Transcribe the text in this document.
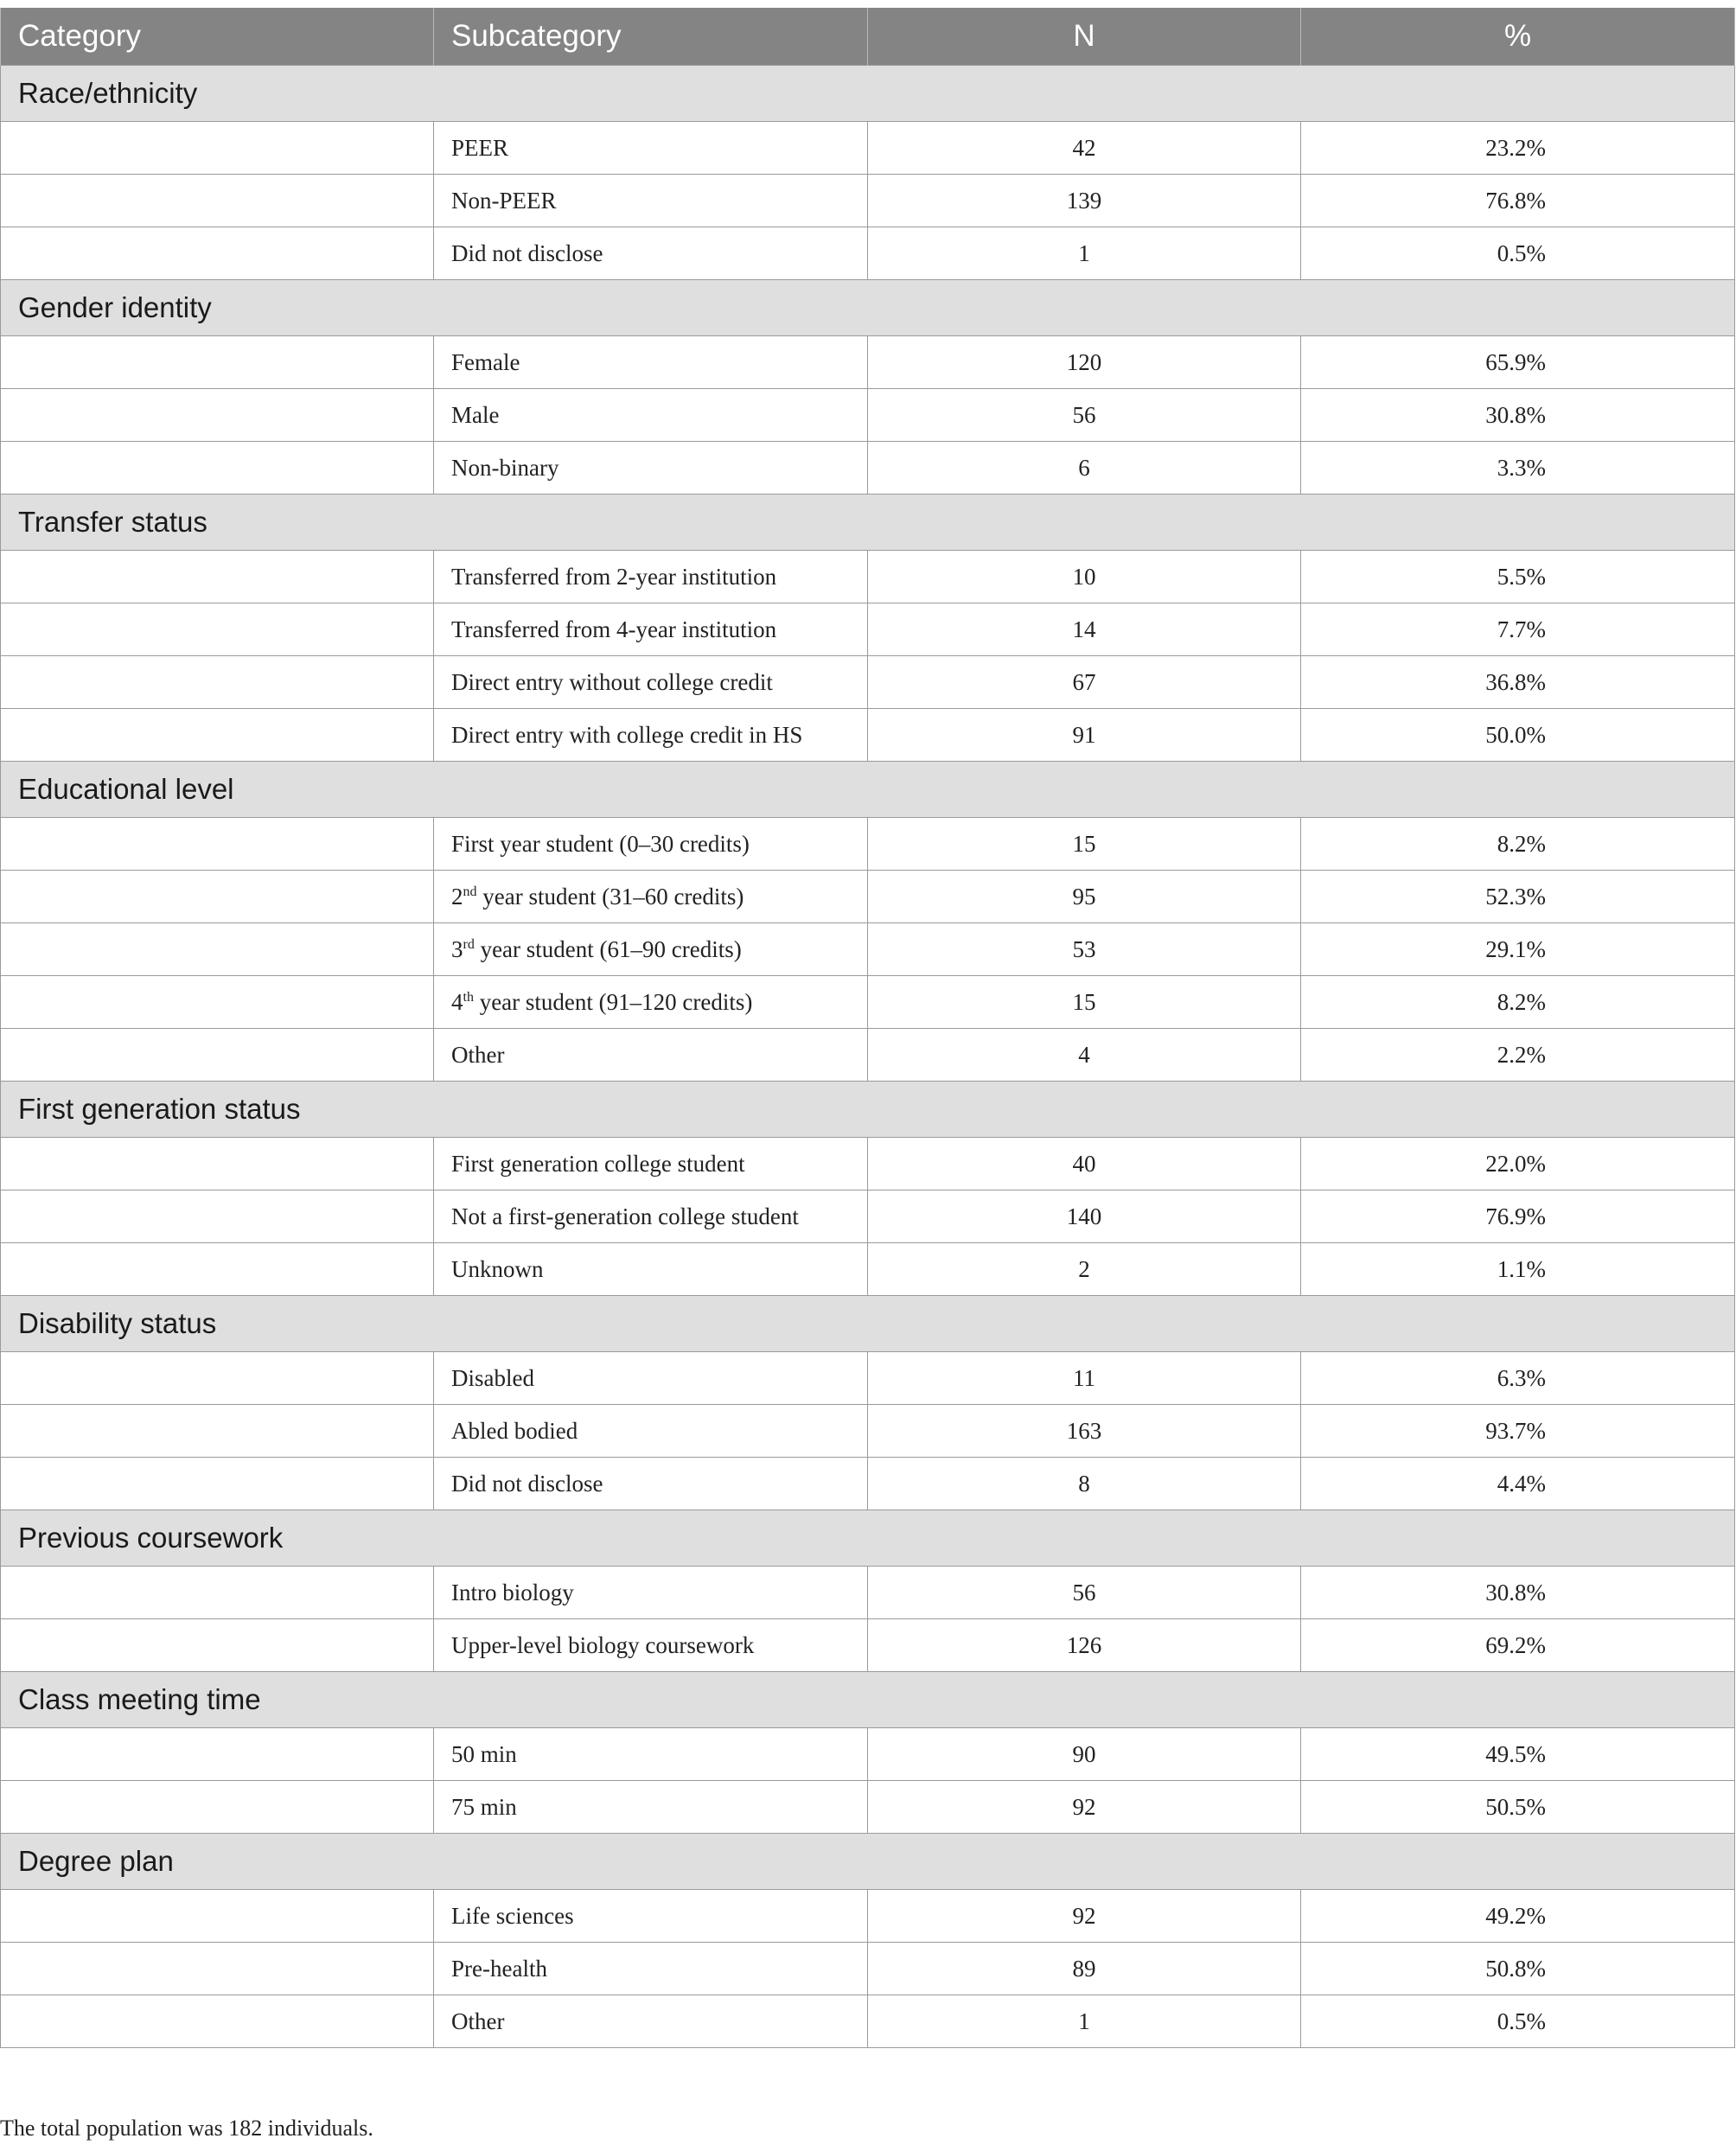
Category	Subcategory	N	%
Race/ethnicity			
	PEER	42	23.2%
	Non-PEER	139	76.8%
	Did not disclose	1	0.5%
Gender identity			
	Female	120	65.9%
	Male	56	30.8%
	Non-binary	6	3.3%
Transfer status			
	Transferred from 2-year institution	10	5.5%
	Transferred from 4-year institution	14	7.7%
	Direct entry without college credit	67	36.8%
	Direct entry with college credit in HS	91	50.0%
Educational level			
	First year student (0–30 credits)	15	8.2%
	2nd year student (31–60 credits)	95	52.3%
	3rd year student (61–90 credits)	53	29.1%
	4th year student (91–120 credits)	15	8.2%
	Other	4	2.2%
First generation status			
	First generation college student	40	22.0%
	Not a first-generation college student	140	76.9%
	Unknown	2	1.1%
Disability status			
	Disabled	11	6.3%
	Abled bodied	163	93.7%
	Did not disclose	8	4.4%
Previous coursework			
	Intro biology	56	30.8%
	Upper-level biology coursework	126	69.2%
Class meeting time			
	50 min	90	49.5%
	75 min	92	50.5%
Degree plan			
	Life sciences	92	49.2%
	Pre-health	89	50.8%
	Other	1	0.5%
The total population was 182 individuals.
